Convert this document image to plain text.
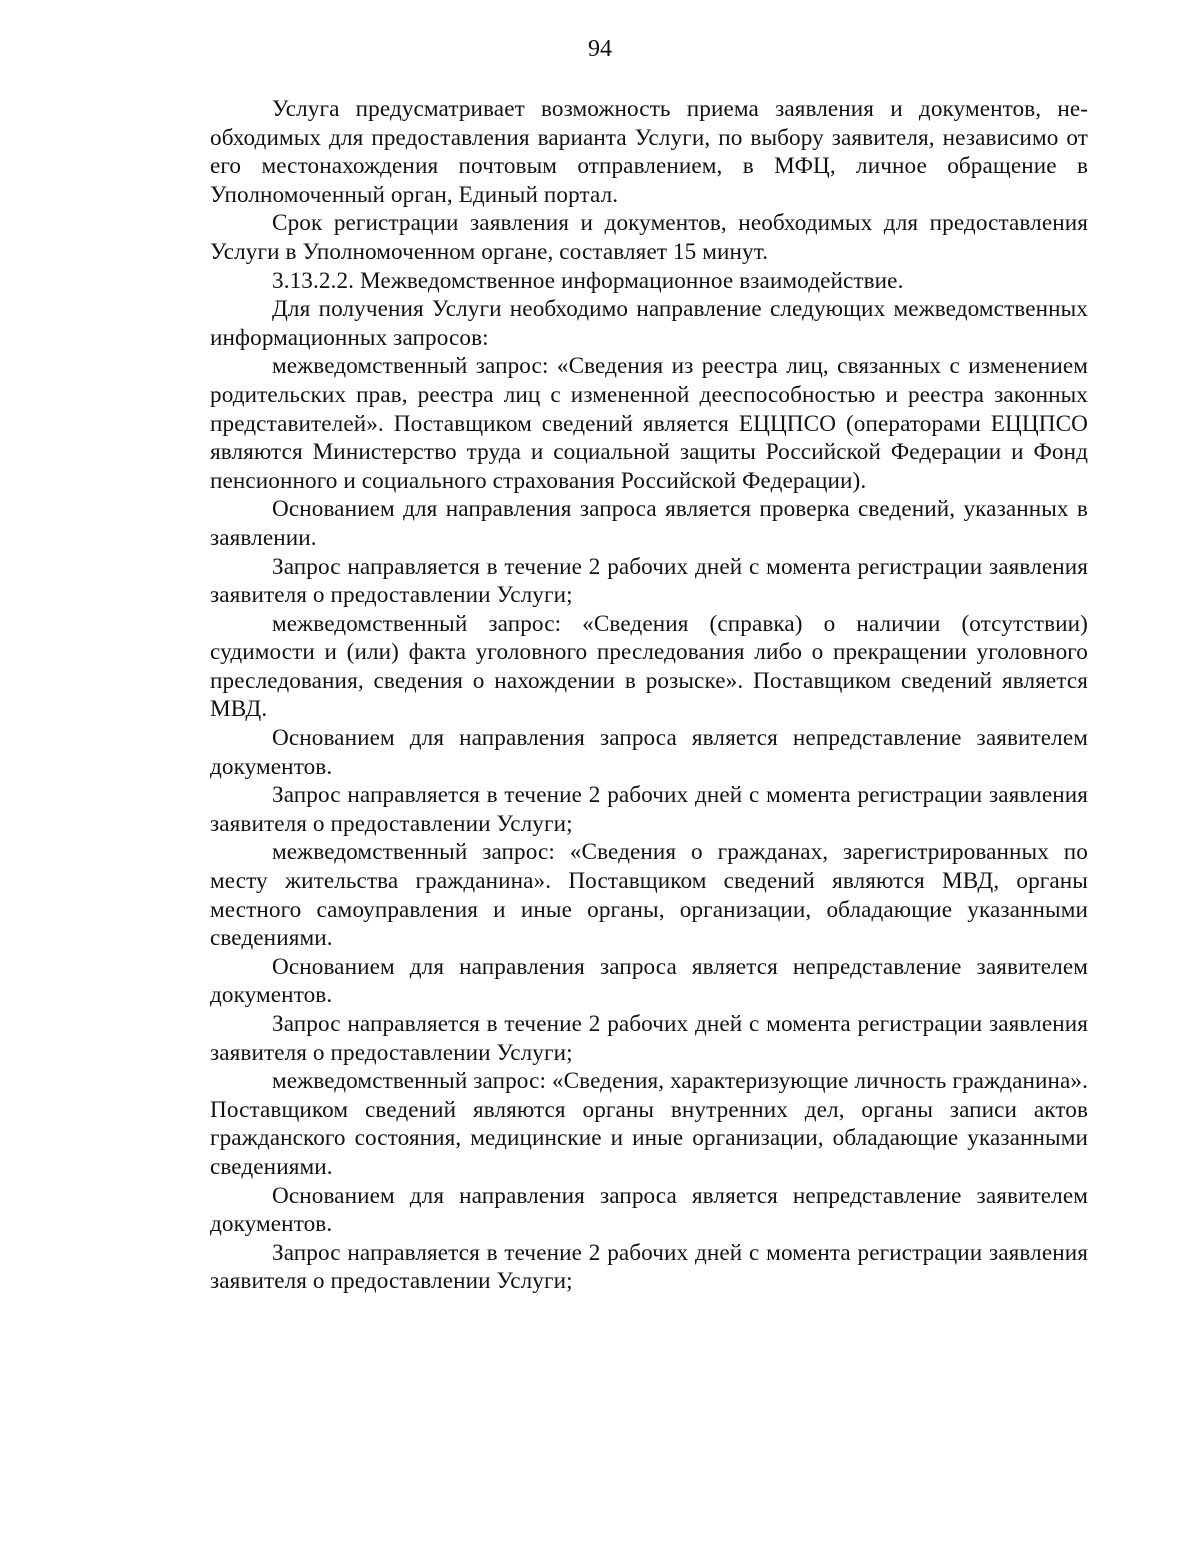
94

Услуга предусматривает возможность приема заявления и документов, необходимых для предоставления варианта Услуги, по выбору заявителя, независимо от его местонахождения почтовым отправлением, в МФЦ, личное обращение в Уполномоченный орган, Единый портал.

Срок регистрации заявления и документов, необходимых для предоставления Услуги в Уполномоченном органе, составляет 15 минут.

3.13.2.2. Межведомственное информационное взаимодействие.

Для получения Услуги необходимо направление следующих межведомственных информационных запросов:

межведомственный запрос: «Сведения из реестра лиц, связанных с изменением родительских прав, реестра лиц с измененной дееспособностью и реестра законных представителей». Поставщиком сведений является ЕЦЦПСО (операторами ЕЦЦПСО являются Министерство труда и социальной защиты Российской Федерации и Фонд пенсионного и социального страхования Российской Федерации).

Основанием для направления запроса является проверка сведений, указанных в заявлении.

Запрос направляется в течение 2 рабочих дней с момента регистрации заявления заявителя о предоставлении Услуги;

межведомственный запрос: «Сведения (справка) о наличии (отсутствии) судимости и (или) факта уголовного преследования либо о прекращении уголовного преследования, сведения о нахождении в розыске». Поставщиком сведений является МВД.

Основанием для направления запроса является непредставление заявителем документов.

Запрос направляется в течение 2 рабочих дней с момента регистрации заявления заявителя о предоставлении Услуги;

межведомственный запрос: «Сведения о гражданах, зарегистрированных по месту жительства гражданина». Поставщиком сведений являются МВД, органы местного самоуправления и иные органы, организации, обладающие указанными сведениями.

Основанием для направления запроса является непредставление заявителем документов.

Запрос направляется в течение 2 рабочих дней с момента регистрации заявления заявителя о предоставлении Услуги;

межведомственный запрос: «Сведения, характеризующие личность гражданина». Поставщиком сведений являются органы внутренних дел, органы записи актов гражданского состояния, медицинские и иные организации, обладающие указанными сведениями.

Основанием для направления запроса является непредставление заявителем документов.

Запрос направляется в течение 2 рабочих дней с момента регистрации заявления заявителя о предоставлении Услуги;
